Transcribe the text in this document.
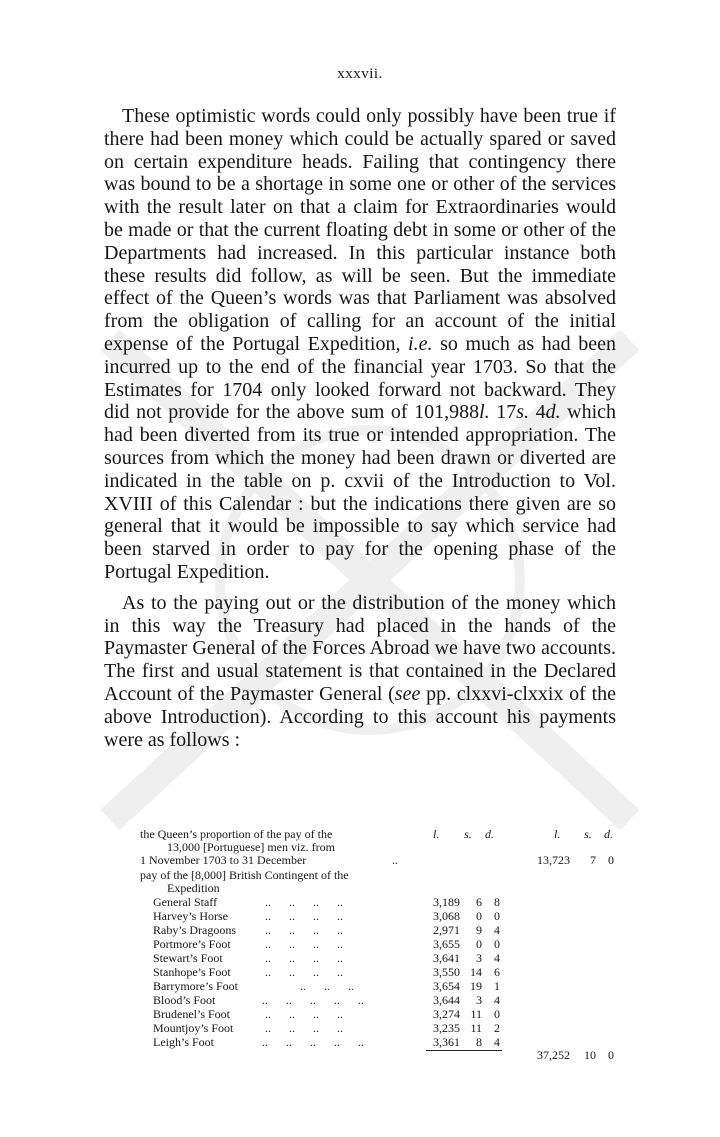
xxxvii.

These optimistic words could only possibly have been true if there had been money which could be actually spared or saved on certain expenditure heads. Failing that contingency there was bound to be a shortage in some one or other of the services with the result later on that a claim for Extraordinaries would be made or that the current floating debt in some or other of the Departments had increased. In this particular instance both these results did follow, as will be seen. But the immediate effect of the Queen’s words was that Parliament was absolved from the obligation of calling for an account of the initial expense of the Portugal Expedition, i.e. so much as had been incurred up to the end of the financial year 1703. So that the Estimates for 1704 only looked forward not backward. They did not provide for the above sum of 101,988l. 17s. 4d. which had been diverted from its true or intended appropriation. The sources from which the money had been drawn or diverted are indicated in the table on p. cxvii of the Introduction to Vol. XVIII of this Calendar : but the indications there given are so general that it would be impossible to say which service had been starved in order to pay for the opening phase of the Portugal Expedition.

As to the paying out or the distribution of the money which in this way the Treasury had placed in the hands of the Paymaster General of the Forces Abroad we have two accounts. The first and usual statement is that contained in the Declared Account of the Paymaster General (see pp. clxxvi-clxxix of the above Introduction). According to this account his payments were as follows :

l. s. d.	l. s. d.
the Queen’s proportion of the pay of the
13,000 [Portuguese] men viz. from
1 November 1703 to 31 December	..	13,723	7	0
pay of the [8,000] British Contingent of the
Expedition
General Staff	..      ..      ..      ..	3,189	6	8
Harvey’s Horse	..      ..      ..      ..	3,068	0	0
Raby’s Dragoons ..      ..      ..      ..	2,971	9	4
Portmore’s Foot	..      ..      ..      ..	3,655	0	0
Stewart’s Foot	..      ..      ..      ..	3,641	3	4
Stanhope’s Foot	..      ..      ..      ..	3,550 14	6
Barrymore’s Foot	..      ..      ..	3,654 19	1
Blood’s Foot	..      ..      ..      ..      ..	3,644	3	4
Brudenel’s Foot	..      ..      ..      ..	3,274 11	0
Mountjoy’s Foot	..      ..      ..      ..	3,235 11	2
Leigh’s Foot	..      ..      ..      ..      ..	3,361	8	4
37,252	10	0
